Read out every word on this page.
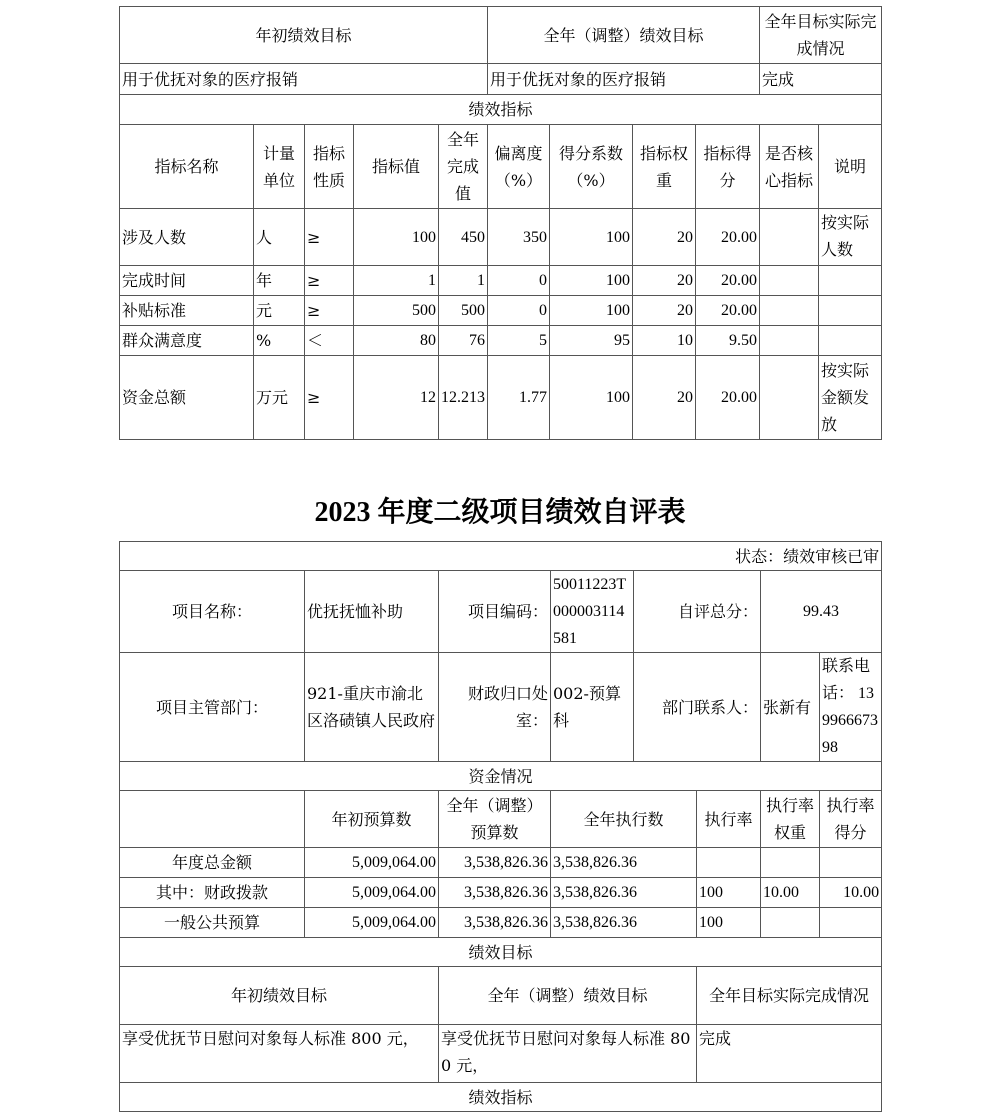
年初绩效目标					全年（调整）绩效目标				全年目标实际完成情况	
用于优抚对象的医疗报销					用于优抚对象的医疗报销				完成	
绩效指标										
指标名称	计量单位	指标性质	指标值	全年完成值	偏离度（%）	得分系数（%）	指标权重	指标得分	是否核心指标	说明
涉及人数	人	≥	100	450	350	100	20	20.00		按实际人数
完成时间	年	≥	1	1	0	100	20	20.00		
补贴标准	元	≥	500	500	0	100	20	20.00		
群众满意度	%	＜	80	76	5	95	10	9.50		
资金总额	万元	≥	12	12.213	1.77	100	20	20.00		按实际金额发放
2023 年度二级项目绩效自评表
状态：绩效审核已审							
项目名称：	优抚抚恤补助	项目编码：	50011223T000003114581	自评总分：		99.43	
项目主管部门：	921-重庆市渝北区洛碛镇人民政府	财政归口处室：	002-预算科	部门联系人：		张新有	联系电话： 13996667398
资金情况							
	年初预算数	全年（调整）预算数	全年执行数		执行率	执行率权重	执行率得分
年度总金额	5,009,064.00	3,538,826.36	3,538,826.36				
其中：财政拨款	5,009,064.00	3,538,826.36	3,538,826.36		100	10.00	10.00
一般公共预算	5,009,064.00	3,538,826.36	3,538,826.36		100		
绩效目标							
年初绩效目标		全年（调整）绩效目标			全年目标实际完成情况		
享受优抚节日慰问对象每人标准 800 元，		享受优抚节日慰问对象每人标准 800 元，			完成		
绩效指标							
